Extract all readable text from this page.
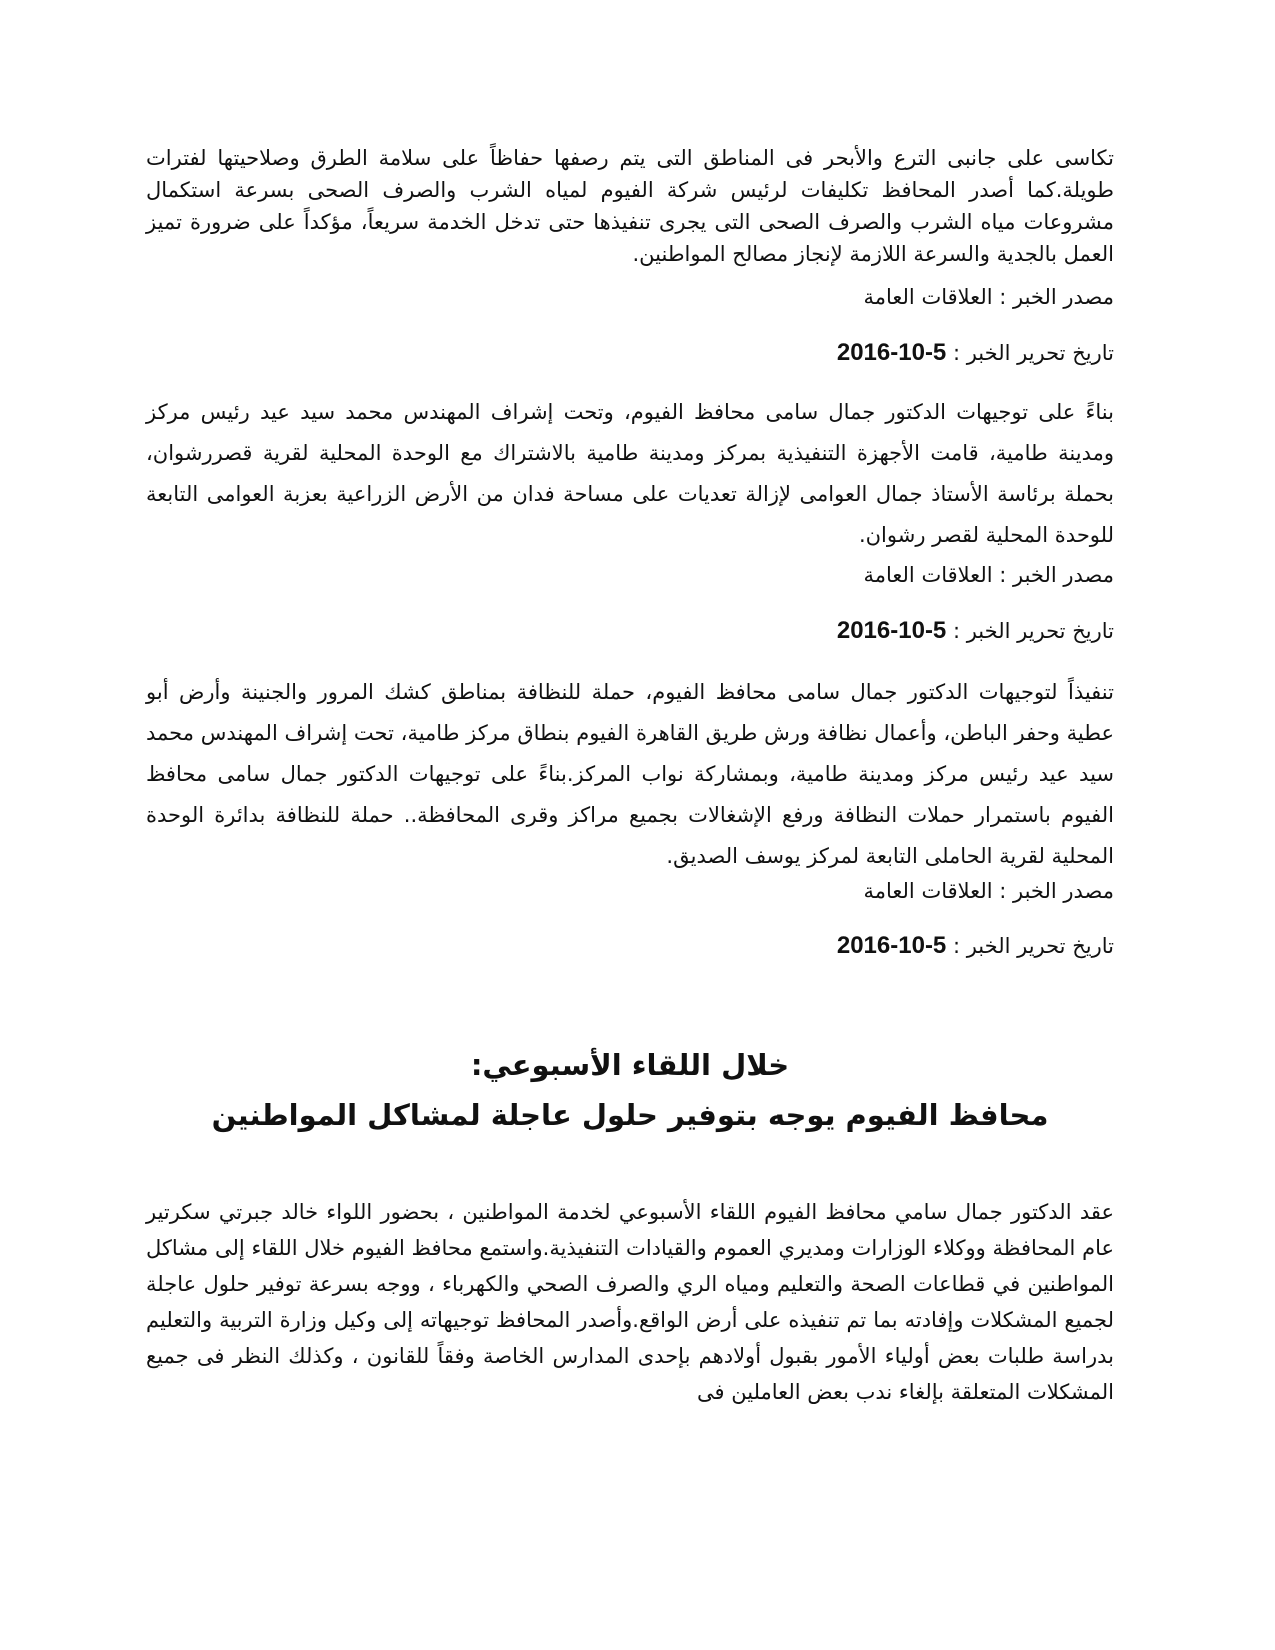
تكاسى على جانبى الترع والأبحر فى المناطق التى يتم رصفها حفاظاً على سلامة الطرق وصلاحيتها لفترات طويلة.كما أصدر المحافظ تكليفات لرئيس شركة الفيوم لمياه الشرب والصرف الصحى بسرعة استكمال مشروعات مياه الشرب والصرف الصحى التى يجرى تنفيذها حتى تدخل الخدمة سريعاً، مؤكداً على ضرورة تميز العمل بالجدية والسرعة اللازمة لإنجاز مصالح المواطنين.
مصدر الخبر : العلاقات العامة
تاريخ تحرير الخبر : 2016-10-5
بناءً على توجيهات الدكتور جمال سامى محافظ الفيوم، وتحت إشراف المهندس محمد سيد عيد رئيس مركز ومدينة طامية، قامت الأجهزة التنفيذية بمركز ومدينة طامية بالاشتراك مع الوحدة المحلية لقرية قصررشوان، بحملة برئاسة الأستاذ جمال العوامى لإزالة تعديات على مساحة فدان من الأرض الزراعية بعزبة العوامى التابعة للوحدة المحلية لقصر رشوان.
مصدر الخبر : العلاقات العامة
تاريخ تحرير الخبر : 2016-10-5
تنفيذاً لتوجيهات الدكتور جمال سامى محافظ الفيوم، حملة للنظافة بمناطق كشك المرور والجنينة وأرض أبو عطية وحفر الباطن، وأعمال نظافة ورش طريق القاهرة الفيوم بنطاق مركز طامية، تحت إشراف المهندس محمد سيد عيد رئيس مركز ومدينة طامية، وبمشاركة نواب المركز.بناءً على توجيهات الدكتور جمال سامى محافظ الفيوم باستمرار حملات النظافة ورفع الإشغالات بجميع مراكز وقرى المحافظة.. حملة للنظافة بدائرة الوحدة المحلية لقرية الحاملى التابعة لمركز يوسف الصديق.
مصدر الخبر : العلاقات العامة
تاريخ تحرير الخبر : 2016-10-5
خلال اللقاء الأسبوعي:
محافظ الفيوم يوجه بتوفير حلول عاجلة لمشاكل المواطنين
عقد الدكتور جمال سامي محافظ الفيوم اللقاء الأسبوعي لخدمة المواطنين ، بحضور اللواء خالد جبرتي سكرتير عام المحافظة ووكلاء الوزارات ومديري العموم والقيادات التنفيذية.واستمع محافظ الفيوم خلال اللقاء إلى مشاكل المواطنين في قطاعات الصحة والتعليم ومياه الري والصرف الصحي والكهرباء ، ووجه بسرعة توفير حلول عاجلة لجميع المشكلات وإفادته بما تم تنفيذه على أرض الواقع.وأصدر المحافظ توجيهاته إلى وكيل وزارة التربية والتعليم بدراسة طلبات بعض أولياء الأمور بقبول أولادهم بإحدى المدارس الخاصة وفقاً للقانون ، وكذلك النظر فى جميع المشكلات المتعلقة بإلغاء ندب بعض العاملين فى
